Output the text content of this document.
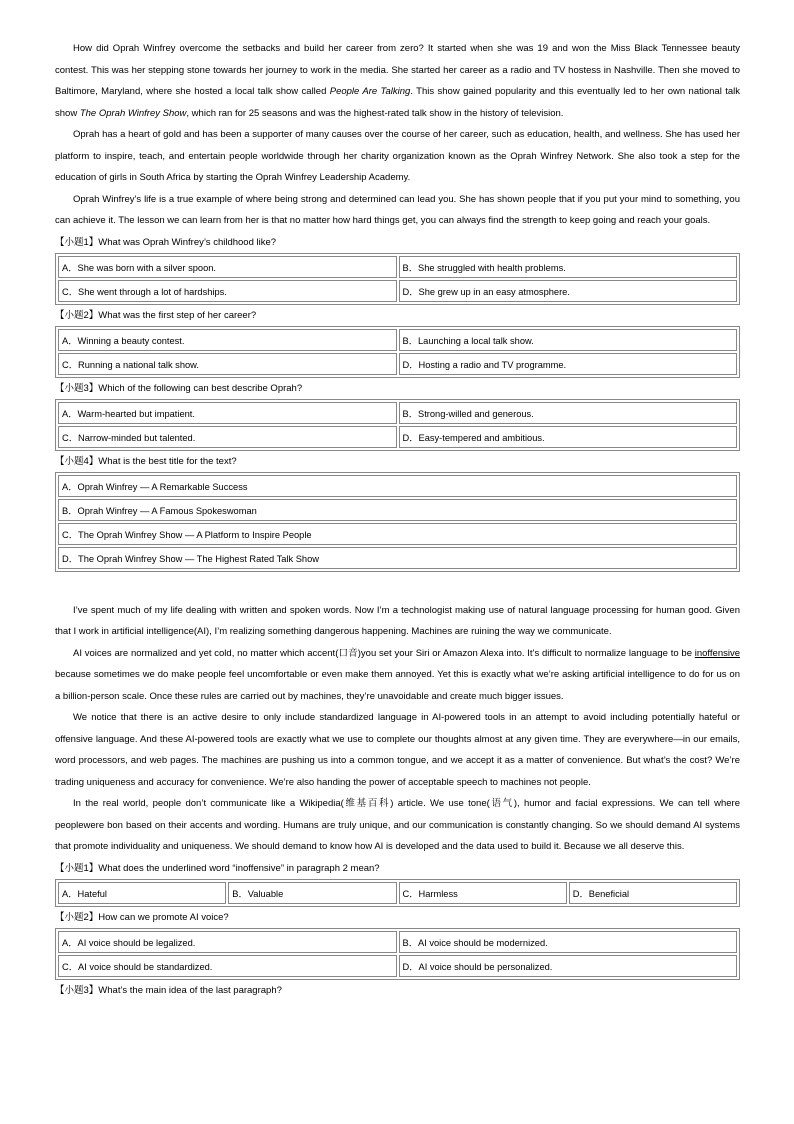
How did Oprah Winfrey overcome the setbacks and build her career from zero? It started when she was 19 and won the Miss Black Tennessee beauty contest. This was her stepping stone towards her journey to work in the media. She started her career as a radio and TV hostess in Nashville. Then she moved to Baltimore, Maryland, where she hosted a local talk show called People Are Talking. This show gained popularity and this eventually led to her own national talk show The Oprah Winfrey Show, which ran for 25 seasons and was the highest-rated talk show in the history of television.

Oprah has a heart of gold and has been a supporter of many causes over the course of her career, such as education, health, and wellness. She has used her platform to inspire, teach, and entertain people worldwide through her charity organization known as the Oprah Winfrey Network. She also took a step for the education of girls in South Africa by starting the Oprah Winfrey Leadership Academy.

Oprah Winfrey’s life is a true example of where being strong and determined can lead you. She has shown people that if you put your mind to something, you can achieve it. The lesson we can learn from her is that no matter how hard things get, you can always find the strength to keep going and reach your goals.

【小题1】What was Oprah Winfrey’s childhood like?
A．She was born with a silver spoon.	B．She struggled with health problems.
C．She went through a lot of hardships.	D．She grew up in an easy atmosphere.
【小题2】What was the first step of her career?
A．Winning a beauty contest.	B．Launching a local talk show.
C．Running a national talk show.	D．Hosting a radio and TV programme.
【小题3】Which of the following can best describe Oprah?
A．Warm-hearted but impatient.	B．Strong-willed and generous.
C．Narrow-minded but talented.	D．Easy-tempered and ambitious.
【小题4】What is the best title for the text?
A．Oprah Winfrey — A Remarkable Success
B．Oprah Winfrey — A Famous Spokeswoman
C．The Oprah Winfrey Show — A Platform to Inspire People
D．The Oprah Winfrey Show — The Highest Rated Talk Show

I’ve spent much of my life dealing with written and spoken words. Now I’m a technologist making use of natural language processing for human good. Given that I work in artificial intelligence(AI), I’m realizing something dangerous happening. Machines are ruining the way we communicate.

AI voices are normalized and yet cold, no matter which accent(口音)you set your Siri or Amazon Alexa into. It’s difficult to normalize language to be inoffensive because sometimes we do make people feel uncomfortable or even make them annoyed. Yet this is exactly what we’re asking artificial intelligence to do for us on a billion-person scale. Once these rules are carried out by machines, they’re unavoidable and create much bigger issues.

We notice that there is an active desire to only include standardized language in AI-powered tools in an attempt to avoid including potentially hateful or offensive language. And these AI-powered tools are exactly what we use to complete our thoughts almost at any given time. They are everywhere—in our emails, word processors, and web pages. The machines are pushing us into a common tongue, and we accept it as a matter of convenience. But what’s the cost? We’re trading uniqueness and accuracy for convenience. We’re also handing the power of acceptable speech to machines not people.

In the real world, people don’t communicate like a Wikipedia(维基百科) article. We use tone(语气), humor and facial expressions. We can tell where peoplewere bon based on their accents and wording. Humans are truly unique, and our communication is constantly changing. So we should demand AI systems that promote individuality and uniqueness. We should demand to know how AI is developed and the data used to build it. Because we all deserve this.

【小题1】What does the underlined word “inoffensive” in paragraph 2 mean?
A．Hateful	B．Valuable	C．Harmless	D．Beneficial
【小题2】How can we promote AI voice?
A．AI voice should be legalized.	B．AI voice should be modernized.
C．AI voice should be standardized.	D．AI voice should be personalized.
【小题3】What’s the main idea of the last paragraph?
